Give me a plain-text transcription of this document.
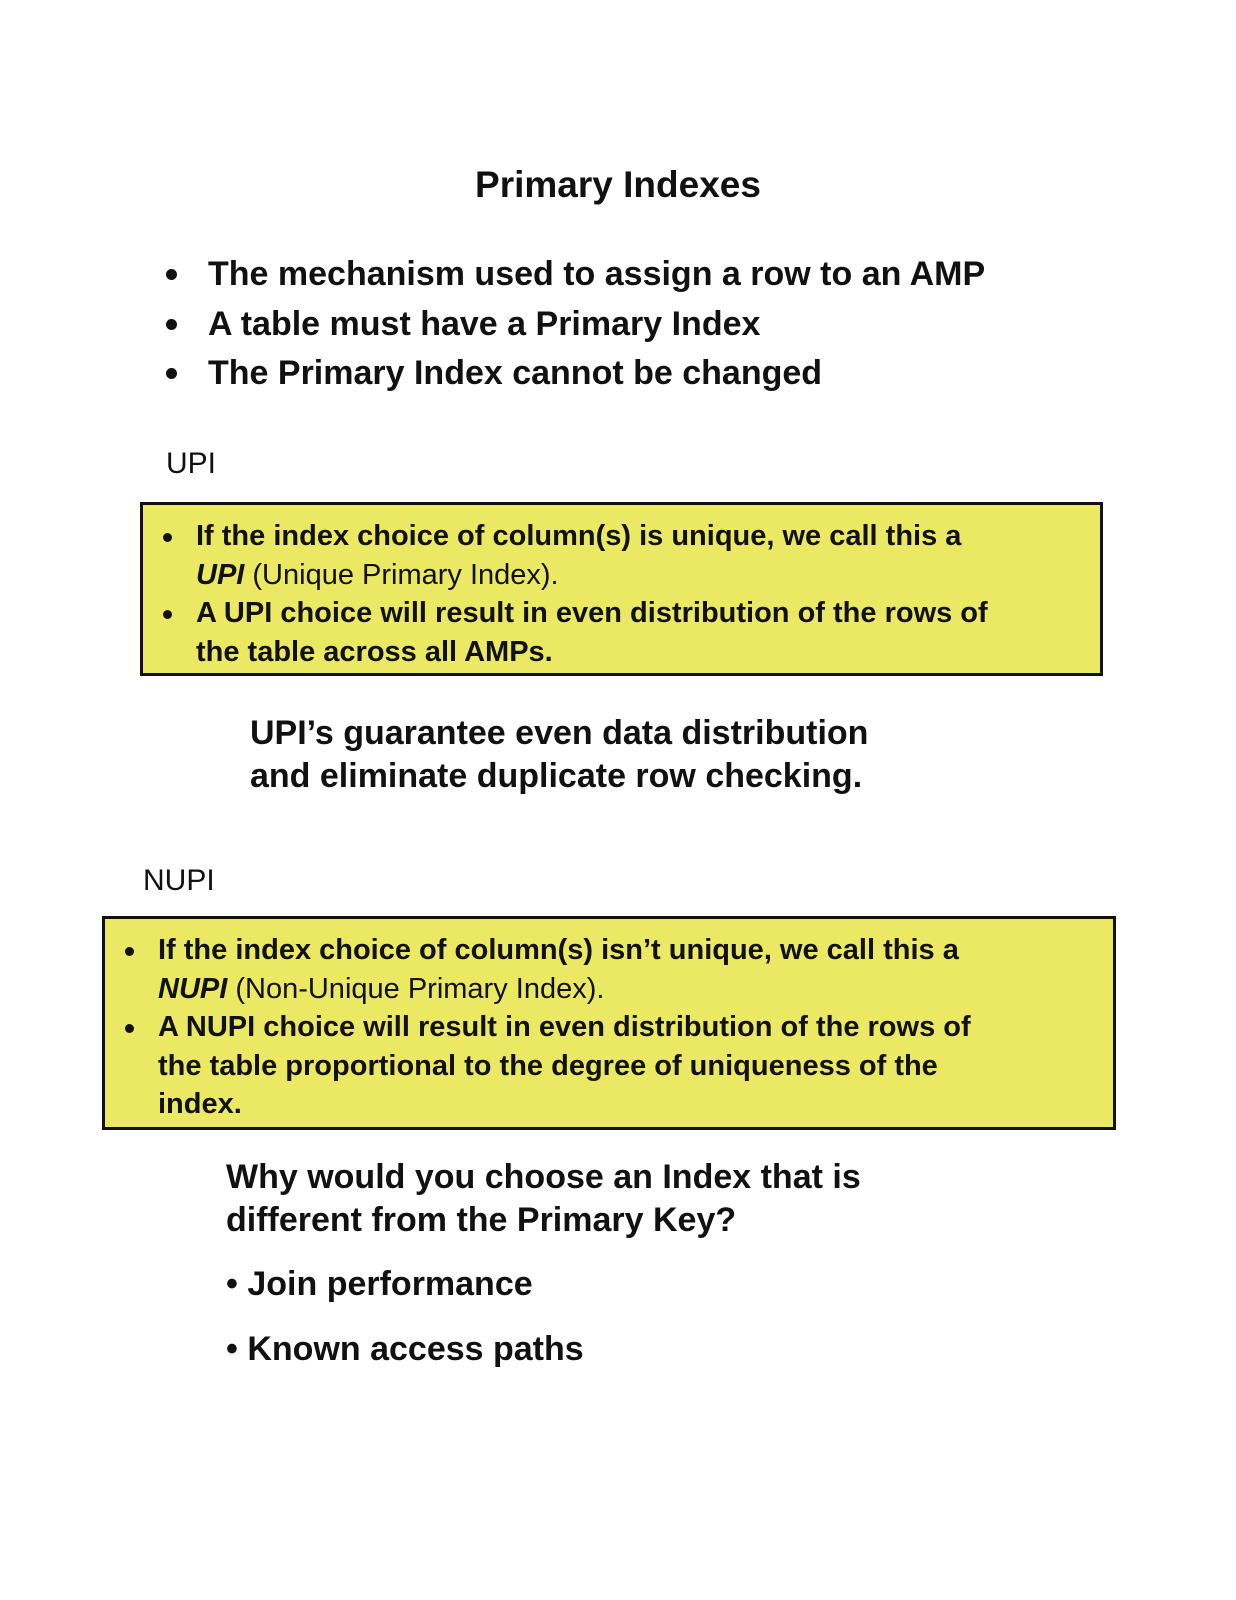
Primary Indexes
The mechanism used to assign a row to an AMP
A table must have a Primary Index
The Primary Index cannot be changed
UPI
If the index choice of column(s) is unique, we call this a
UPI (Unique Primary Index).
A UPI choice will result in even distribution of the rows of
the table across all AMPs.
UPI’s guarantee even data distribution
and eliminate duplicate row checking.
NUPI
If the index choice of column(s) isn’t unique, we call this a
NUPI (Non-Unique Primary Index).
A NUPI choice will result in even distribution of the rows of
the table proportional to the degree of uniqueness of the
index.
Why would you choose an Index that is
different from the Primary Key?
• Join performance
• Known access paths
